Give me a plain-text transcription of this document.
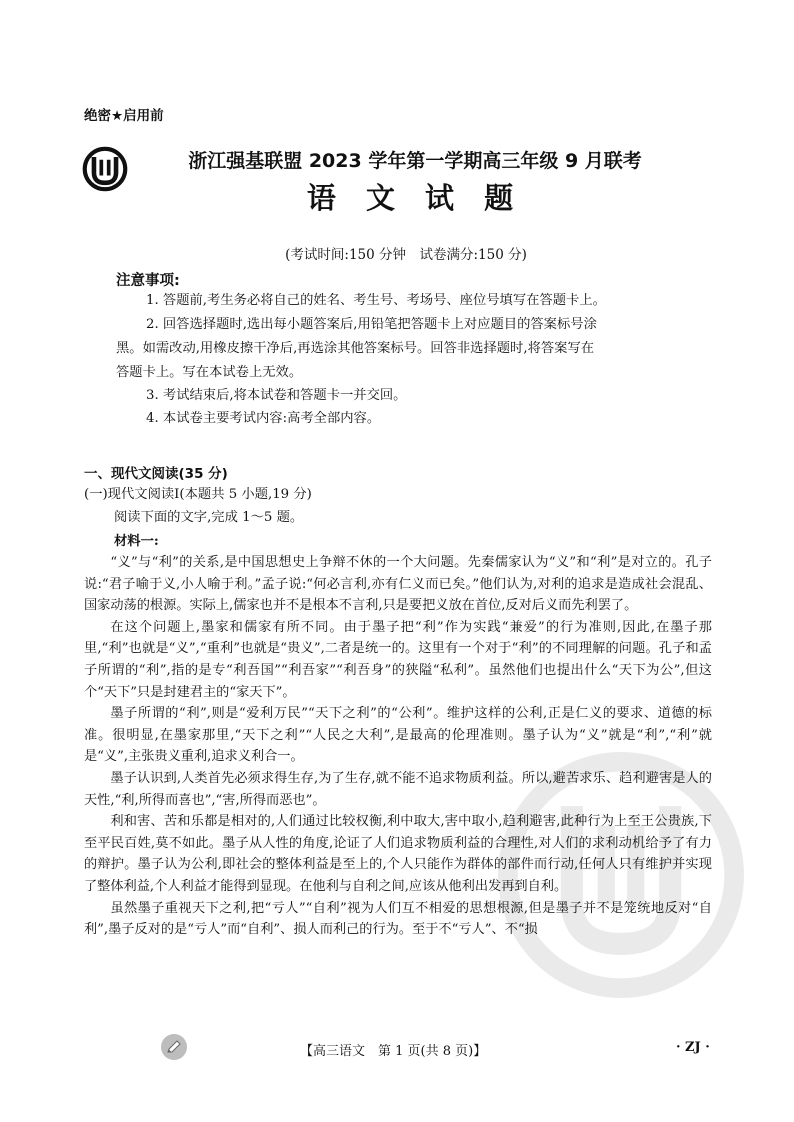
绝密★启用前
浙江强基联盟 2023 学年第一学期高三年级 9 月联考
语 文 试 题
(考试时间:150 分钟　试卷满分:150 分)
注意事项:
1. 答题前,考生务必将自己的姓名、考生号、考场号、座位号填写在答题卡上。
2. 回答选择题时,选出每小题答案后,用铅笔把答题卡上对应题目的答案标号涂
黑。如需改动,用橡皮擦干净后,再选涂其他答案标号。回答非选择题时,将答案写在
答题卡上。写在本试卷上无效。
3. 考试结束后,将本试卷和答题卡一并交回。
4. 本试卷主要考试内容:高考全部内容。
一、现代文阅读(35 分)
(一)现代文阅读Ⅰ(本题共 5 小题,19 分)
阅读下面的文字,完成 1～5 题。
材料一:

“义”与“利”的关系,是中国思想史上争辩不休的一个大问题。先秦儒家认为“义”和“利”是对立的。孔子说:“君子喻于义,小人喻于利。”孟子说:“何必言利,亦有仁义而已矣。”他们认为,对利的追求是造成社会混乱、国家动荡的根源。实际上,儒家也并不是根本不言利,只是要把义放在首位,反对后义而先利罢了。

在这个问题上,墨家和儒家有所不同。由于墨子把“利”作为实践“兼爱”的行为准则,因此,在墨子那里,“利”也就是“义”,“重利”也就是“贵义”,二者是统一的。这里有一个对于“利”的不同理解的问题。孔子和孟子所谓的“利”,指的是专“利吾国”“利吾家”“利吾身”的狭隘“私利”。虽然他们也提出什么“天下为公”,但这个“天下”只是封建君主的“家天下”。

墨子所谓的“利”,则是“爱利万民”“天下之利”的“公利”。维护这样的公利,正是仁义的要求、道德的标准。很明显,在墨家那里,“天下之利”“人民之大利”,是最高的伦理准则。墨子认为“义”就是“利”,“利”就是“义”,主张贵义重利,追求义利合一。

墨子认识到,人类首先必须求得生存,为了生存,就不能不追求物质利益。所以,避苦求乐、趋利避害是人的天性,“利,所得而喜也”,“害,所得而恶也”。

利和害、苦和乐都是相对的,人们通过比较权衡,利中取大,害中取小,趋利避害,此种行为上至王公贵族,下至平民百姓,莫不如此。墨子从人性的角度,论证了人们追求物质利益的合理性,对人们的求利动机给予了有力的辩护。墨子认为公利,即社会的整体利益是至上的,个人只能作为群体的部件而行动,任何人只有维护并实现了整体利益,个人利益才能得到显现。在他利与自利之间,应该从他利出发再到自利。

虽然墨子重视天下之利,把“亏人”“自利”视为人们互不相爱的思想根源,但是墨子并不是笼统地反对“自利”,墨子反对的是“亏人”而“自利”、损人而利己的行为。至于不“亏人”、不“损

【高三语文　第 1 页(共 8 页)】	· ZJ ·
